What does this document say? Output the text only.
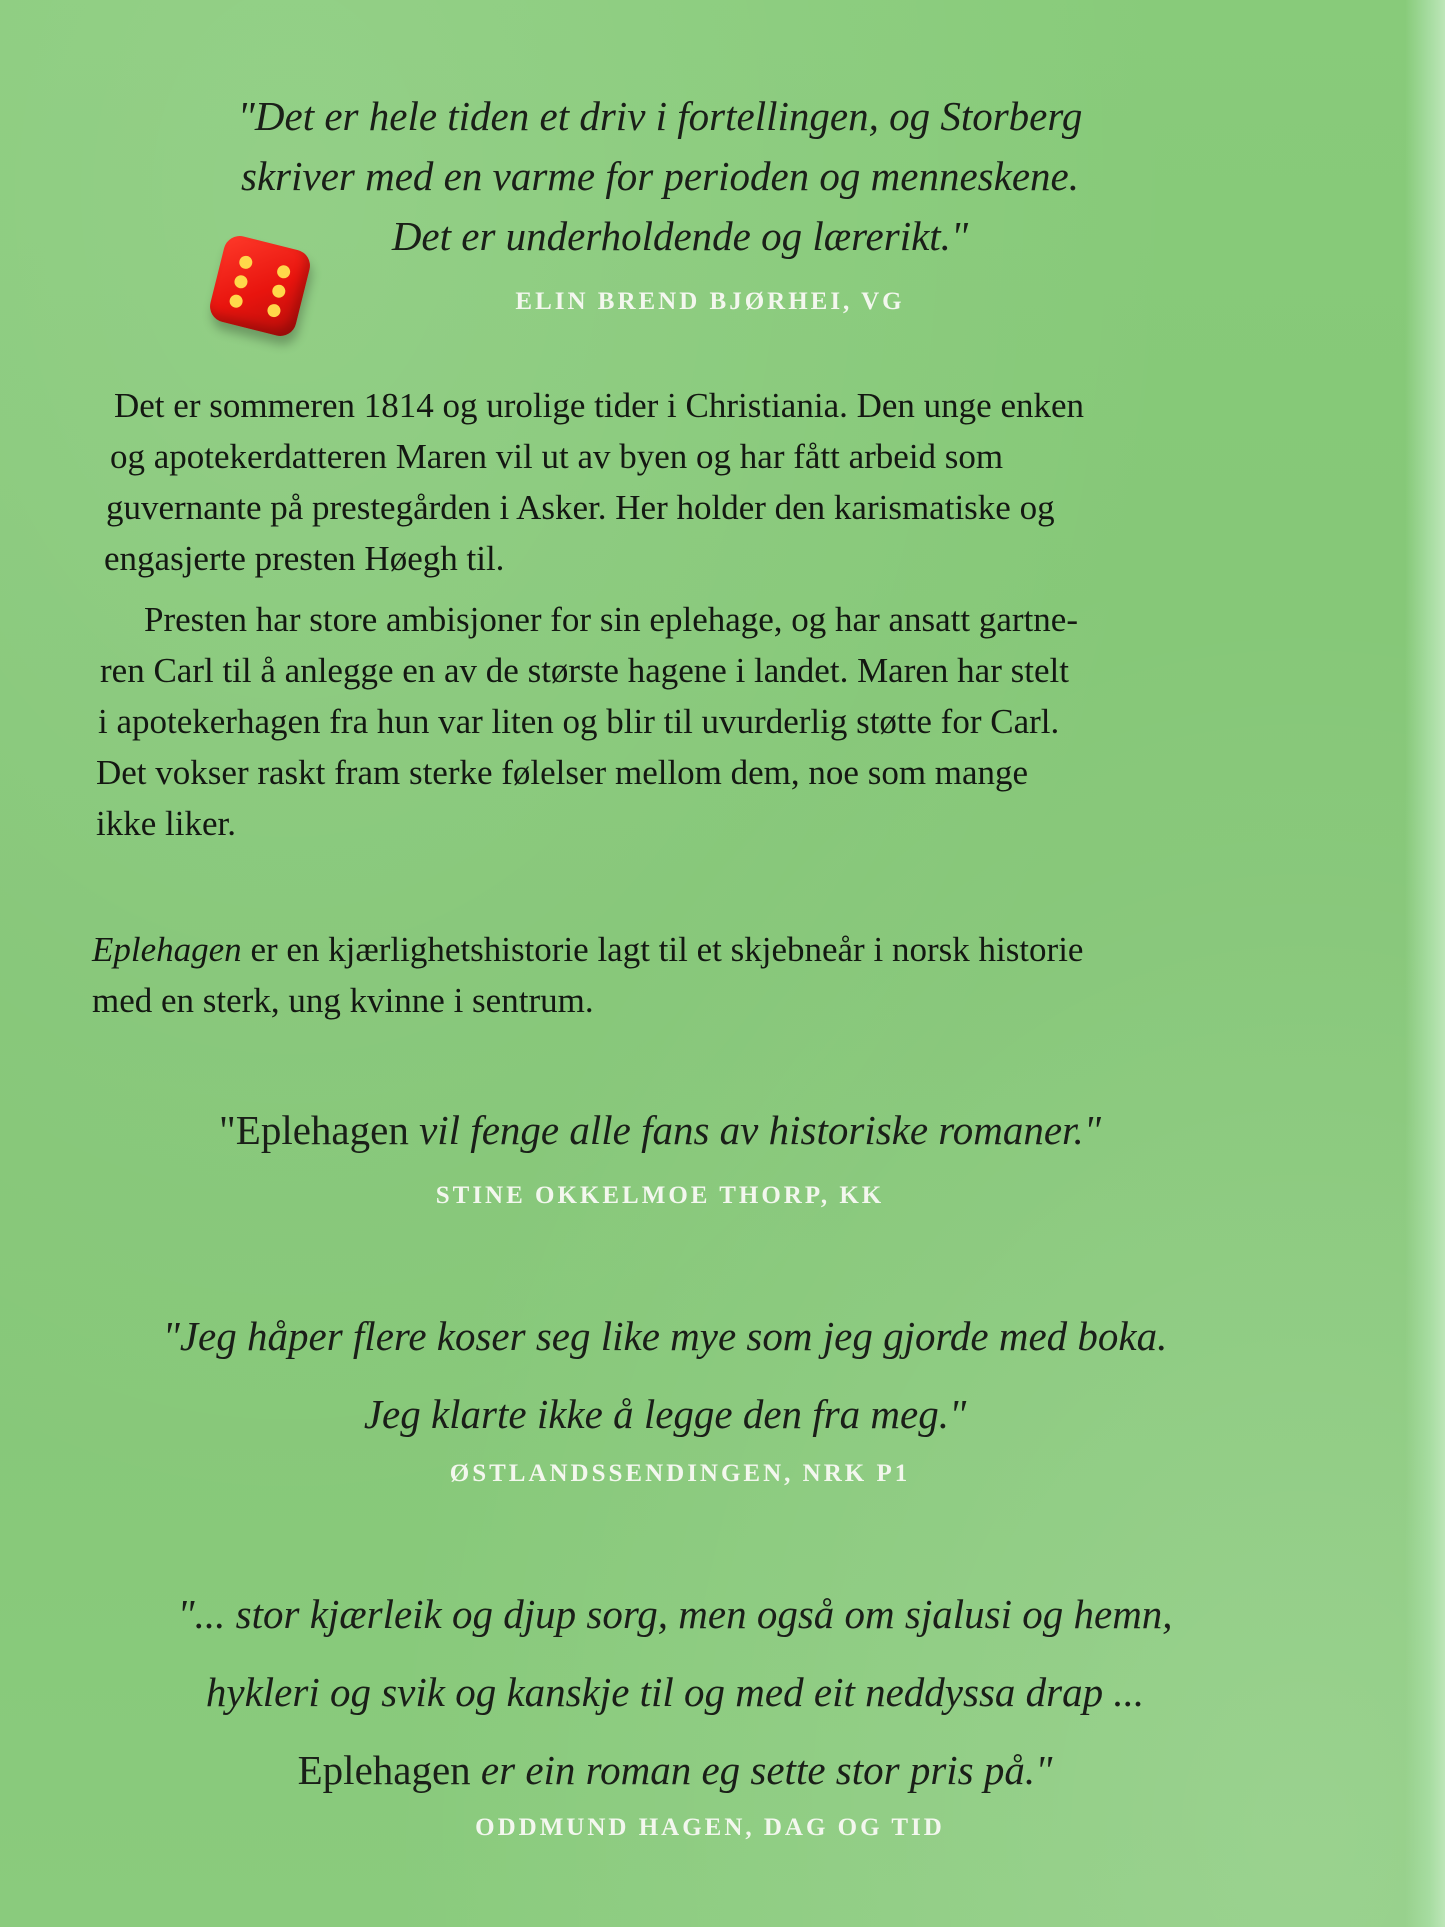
"Det er hele tiden et driv i fortellingen, og Storberg
skriver med en varme for perioden og menneskene.
Det er underholdende og lærerikt."
ELIN BREND BJØRHEI, VG
Det er sommeren 1814 og urolige tider i Christiania. Den unge enken
og apotekerdatteren Maren vil ut av byen og har fått arbeid som
guvernante på prestegården i Asker. Her holder den karismatiske og
engasjerte presten Høegh til.
Presten har store ambisjoner for sin eplehage, og har ansatt gartne-
ren Carl til å anlegge en av de største hagene i landet. Maren har stelt
i apotekerhagen fra hun var liten og blir til uvurderlig støtte for Carl.
Det vokser raskt fram sterke følelser mellom dem, noe som mange
ikke liker.
Eplehagen er en kjærlighetshistorie lagt til et skjebneår i norsk historie
med en sterk, ung kvinne i sentrum.
"Eplehagen vil fenge alle fans av historiske romaner."
STINE OKKELMOE THORP, KK
"Jeg håper flere koser seg like mye som jeg gjorde med boka.
Jeg klarte ikke å legge den fra meg."
ØSTLANDSSENDINGEN, NRK P1
"... stor kjærleik og djup sorg, men også om sjalusi og hemn,
hykleri og svik og kanskje til og med eit neddyssa drap ...
Eplehagen er ein roman eg sette stor pris på."
ODDMUND HAGEN, DAG OG TID
